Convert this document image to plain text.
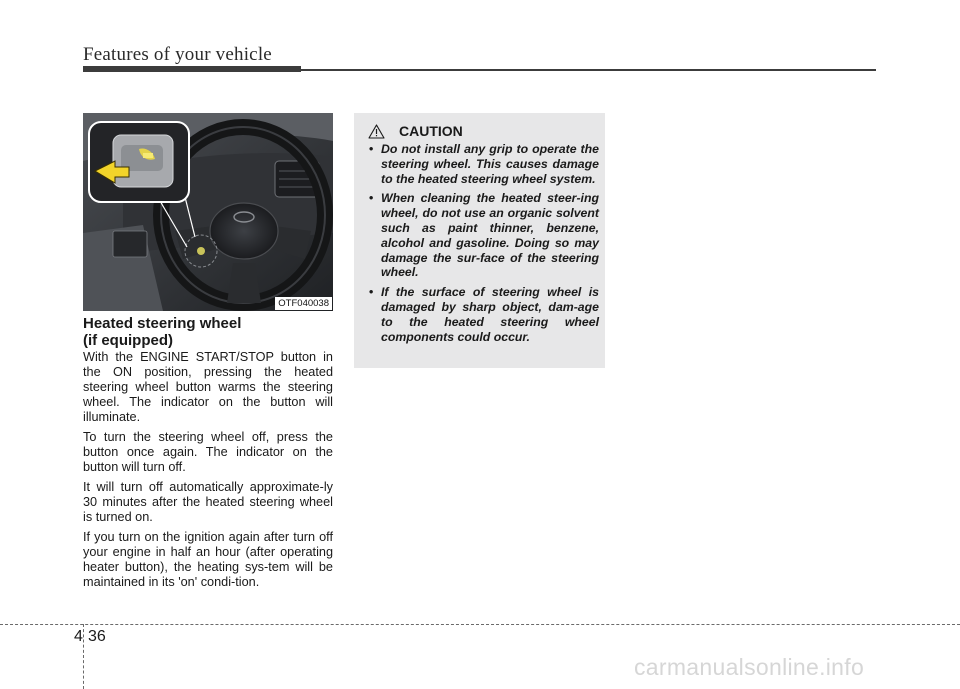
Features of your vehicle
OTF040038
Heated steering wheel
(if equipped)

With the ENGINE START/STOP button in the ON position, pressing the heated steering wheel button warms the steering wheel. The indicator on the button will illuminate.

To turn the steering wheel off, press the button once again. The indicator on the button will turn off.

It will turn off automatically approximate-ly 30 minutes after the heated steering wheel is turned on.

If you turn on the ignition again after turn off your engine in half an hour (after operating heater button), the heating sys-tem will be maintained in its 'on' condi-tion.

CAUTION
• Do not install any grip to operate the steering wheel. This causes damage to the heated steering wheel system.
• When cleaning the heated steer-ing wheel, do not use an organic solvent such as paint thinner, benzene, alcohol and gasoline. Doing so may damage the sur-face of the steering wheel.
• If the surface of steering wheel is damaged by sharp object, dam-age to the heated steering wheel components could occur.
4 36
carmanualsonline.info
